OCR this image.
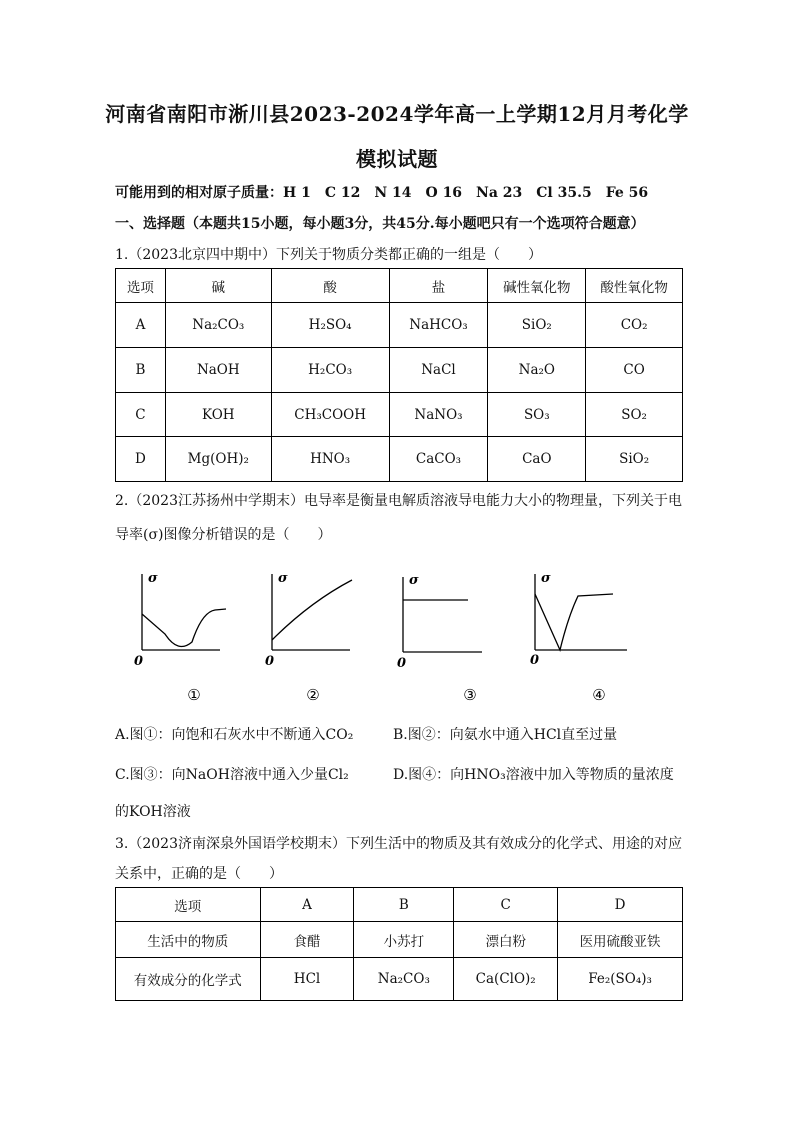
河南省南阳市淅川县2023-2024学年高一上学期12月月考化学
模拟试题
可能用到的相对原子质量：H 1　C 12　N 14　O 16　Na 23　Cl 35.5　Fe 56
一、选择题（本题共15小题，每小题3分，共45分.每小题吧只有一个选项符合题意）
1.（2023北京四中期中）下列关于物质分类都正确的一组是（　　）
选项	碱	酸	盐	碱性氧化物	酸性氧化物
A	Na₂CO₃	H₂SO₄	NaHCO₃	SiO₂	CO₂
B	NaOH	H₂CO₃	NaCl	Na₂O	CO
C	KOH	CH₃COOH	NaNO₃	SO₃	SO₂
D	Mg(OH)₂	HNO₃	CaCO₃	CaO	SiO₂
2.（2023江苏扬州中学期末）电导率是衡量电解质溶液导电能力大小的物理量，下列关于电
导率(σ)图像分析错误的是（　　）
σ	σ	σ	σ
0	0	0	0
①	②	③	④
A.图①：向饱和石灰水中不断通入CO₂	B.图②：向氨水中通入HCl直至过量
C.图③：向NaOH溶液中通入少量Cl₂	D.图④：向HNO₃溶液中加入等物质的量浓度
的KOH溶液
3.（2023济南深泉外国语学校期末）下列生活中的物质及其有效成分的化学式、用途的对应
关系中，正确的是（　　）
选项	A	B	C	D
生活中的物质	食醋	小苏打	漂白粉	医用硫酸亚铁
有效成分的化学式	HCl	Na₂CO₃	Ca(ClO)₂	Fe₂(SO₄)₃
